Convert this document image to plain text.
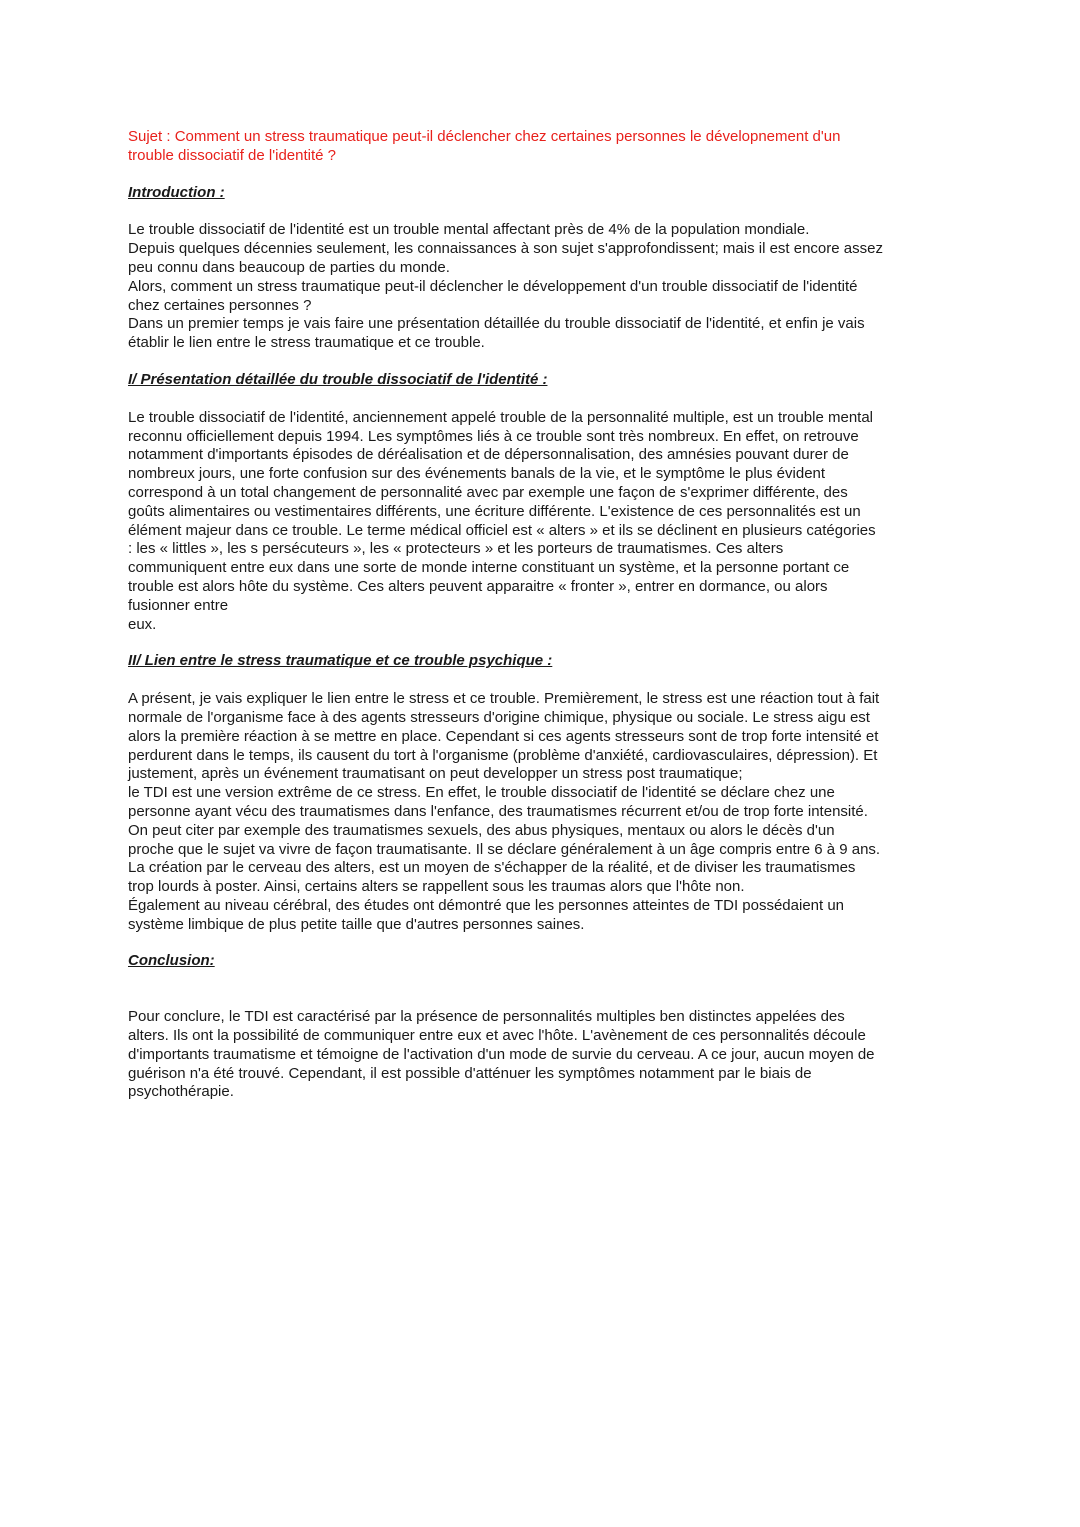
Sujet : Comment un stress traumatique peut-il déclencher chez certaines personnes le dévelopnement d'un
trouble dissociatif de l'identité ?
Introduction :
Le trouble dissociatif de l'identité est un trouble mental affectant près de 4% de la population mondiale.
Depuis quelques décennies seulement, les connaissances à son sujet s'approfondissent; mais il est encore assez
peu connu dans beaucoup de parties du monde.
Alors, comment un stress traumatique peut-il déclencher le développement d'un trouble dissociatif de l'identité
chez certaines personnes ?
Dans un premier temps je vais faire une présentation détaillée du trouble dissociatif de l'identité, et enfin je vais
établir le lien entre le stress traumatique et ce trouble.
I/ Présentation détaillée du trouble dissociatif de l'identité :
Le trouble dissociatif de l'identité, anciennement appelé trouble de la personnalité multiple, est un trouble mental
reconnu officiellement depuis 1994. Les symptômes liés à ce trouble sont très nombreux. En effet, on retrouve
notamment d'importants épisodes de déréalisation et de dépersonnalisation, des amnésies pouvant durer de
nombreux jours, une forte confusion sur des événements banals de la vie, et le symptôme le plus évident
correspond à un total changement de personnalité avec par exemple une façon de s'exprimer différente, des
goûts alimentaires ou vestimentaires différents, une écriture différente. L'existence de ces personnalités est un
élément majeur dans ce trouble. Le terme médical officiel est « alters » et ils se déclinent en plusieurs catégories
: les « littles », les s persécuteurs », les « protecteurs » et les porteurs de traumatismes. Ces alters
communiquent entre eux dans une sorte de monde interne constituant un système, et la personne portant ce
trouble est alors hôte du système. Ces alters peuvent apparaitre « fronter », entrer en dormance, ou alors
fusionner entre
eux.
II/ Lien entre le stress traumatique et ce trouble psychique :
A présent, je vais expliquer le lien entre le stress et ce trouble. Premièrement, le stress est une réaction tout à fait
normale de l'organisme face à des agents stresseurs d'origine chimique, physique ou sociale. Le stress aigu est
alors la première réaction à se mettre en place. Cependant si ces agents stresseurs sont de trop forte intensité et
perdurent dans le temps, ils causent du tort à l'organisme (problème d'anxiété, cardiovasculaires, dépression). Et
justement, après un événement traumatisant on peut developper un stress post traumatique;
le TDI est une version extrême de ce stress. En effet, le trouble dissociatif de l'identité se déclare chez une
personne ayant vécu des traumatismes dans l'enfance, des traumatismes récurrent et/ou de trop forte intensité.
On peut citer par exemple des traumatismes sexuels, des abus physiques, mentaux ou alors le décès d'un
proche que le sujet va vivre de façon traumatisante. Il se déclare généralement à un âge compris entre 6 à 9 ans.
La création par le cerveau des alters, est un moyen de s'échapper de la réalité, et de diviser les traumatismes
trop lourds à poster. Ainsi, certains alters se rappellent sous les traumas alors que l'hôte non.
Également au niveau cérébral, des études ont démontré que les personnes atteintes de TDI possédaient un
système limbique de plus petite taille que d'autres personnes saines.
Conclusion:
Pour conclure, le TDI est caractérisé par la présence de personnalités multiples ben distinctes appelées des
alters. Ils ont la possibilité de communiquer entre eux et avec l'hôte. L'avènement de ces personnalités découle
d'importants traumatisme et témoigne de l'activation d'un mode de survie du cerveau. A ce jour, aucun moyen de
guérison n'a été trouvé. Cependant, il est possible d'atténuer les symptômes notamment par le biais de
psychothérapie.
